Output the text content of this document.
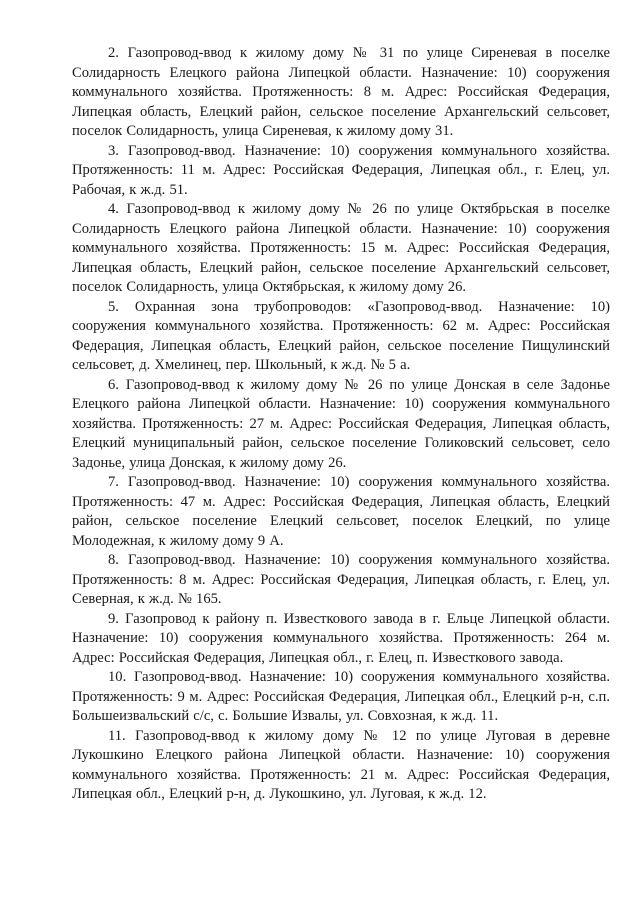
2. Газопровод-ввод к жилому дому № 31 по улице Сиреневая в поселке Солидарность Елецкого района Липецкой области. Назначение: 10) сооружения коммунального хозяйства. Протяженность: 8 м. Адрес: Российская Федерация, Липецкая область, Елецкий район, сельское поселение Архангельский сельсовет, поселок Солидарность, улица Сиреневая, к жилому дому 31.

3. Газопровод-ввод. Назначение: 10) сооружения коммунального хозяйства. Протяженность: 11 м. Адрес: Российская Федерация, Липецкая обл., г. Елец, ул. Рабочая, к ж.д. 51.

4. Газопровод-ввод к жилому дому № 26 по улице Октябрьская в поселке Солидарность Елецкого района Липецкой области. Назначение: 10) сооружения коммунального хозяйства. Протяженность: 15 м. Адрес: Российская Федерация, Липецкая область, Елецкий район, сельское поселение Архангельский сельсовет, поселок Солидарность, улица Октябрьская, к жилому дому 26.

5. Охранная зона трубопроводов: «Газопровод-ввод. Назначение: 10) сооружения коммунального хозяйства. Протяженность: 62 м. Адрес: Российская Федерация, Липецкая область, Елецкий район, сельское поселение Пищулинский сельсовет, д. Хмелинец, пер. Школьный, к ж.д. № 5 а.

6. Газопровод-ввод к жилому дому № 26 по улице Донская в селе Задонье Елецкого района Липецкой области. Назначение: 10) сооружения коммунального хозяйства. Протяженность: 27 м. Адрес: Российская Федерация, Липецкая область, Елецкий муниципальный район, сельское поселение Голиковский сельсовет, село Задонье, улица Донская, к жилому дому 26.

7. Газопровод-ввод. Назначение: 10) сооружения коммунального хозяйства. Протяженность: 47 м. Адрес: Российская Федерация, Липецкая область, Елецкий район, сельское поселение Елецкий сельсовет, поселок Елецкий, по улице Молодежная, к жилому дому 9 А.

8. Газопровод-ввод. Назначение: 10) сооружения коммунального хозяйства. Протяженность: 8 м. Адрес: Российская Федерация, Липецкая область, г. Елец, ул. Северная, к ж.д. № 165.

9. Газопровод к району п. Известкового завода в г. Ельце Липецкой области. Назначение: 10) сооружения коммунального хозяйства. Протяженность: 264 м. Адрес: Российская Федерация, Липецкая обл., г. Елец, п. Известкового завода.

10. Газопровод-ввод. Назначение: 10) сооружения коммунального хозяйства. Протяженность: 9 м. Адрес: Российская Федерация, Липецкая обл., Елецкий р-н, с.п. Большеизвальский с/с, с. Большие Извалы, ул. Совхозная, к ж.д. 11.

11. Газопровод-ввод к жилому дому № 12 по улице Луговая в деревне Лукошкино Елецкого района Липецкой области. Назначение: 10) сооружения коммунального хозяйства. Протяженность: 21 м. Адрес: Российская Федерация, Липецкая обл., Елецкий р-н, д. Лукошкино, ул. Луговая, к ж.д. 12.
